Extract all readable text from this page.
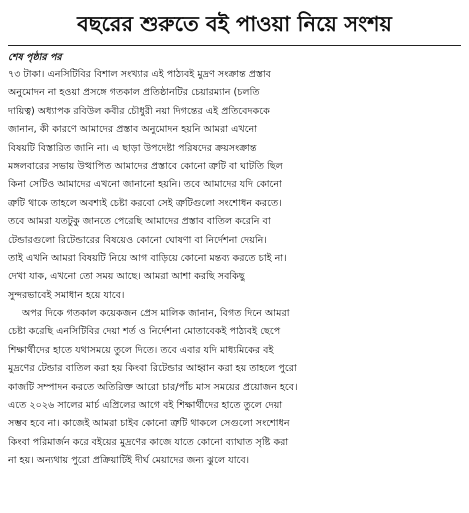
বছরের শুরুতে বই পাওয়া নিয়ে সংশয়
শেষ পৃষ্ঠার পর
৭৩ টাকা। এনসিটিবির বিশাল সংখ্যার এই পাঠ্যবই মুদ্রণ সংক্রান্ত প্রস্তাব
অনুমোদন না হওয়া প্রসঙ্গে গতকাল প্রতিষ্ঠানটির চেয়ারম্যান (চলতি
দায়িত্ব) অধ্যাপক রবিউল কবীর চৌধুরী নয়া দিগন্তের এই প্রতিবেদককে
জানান, কী কারণে আমাদের প্রস্তাব অনুমোদন হয়নি আমরা এখনো
বিষয়টি বিস্তারিত জানি না। এ ছাড়া উপদেষ্টা পরিষদের ক্রয়সংক্রান্ত
মঙ্গলবারের সভায় উত্থাপিত আমাদের প্রস্তাবে কোনো ত্রুটি বা ঘাটতি ছিল
কিনা সেটিও আমাদের এখনো জানানো হয়নি। তবে আমাদের যদি কোনো
ত্রুটি থাকে তাহলে অবশ্যই চেষ্টা করবো সেই ত্রুটিগুলো সংশোধন করতে।
তবে আমরা যতটুকু জানতে পেরেছি আমাদের প্রস্তাব বাতিল করেনি বা
টেন্ডারগুলো রিটেন্ডারের বিষয়েও কোনো ঘোষণা বা নির্দেশনা দেয়নি।
তাই এখনি আমরা বিষয়টি নিয়ে আগ বাড়িয়ে কোনো মন্তব্য করতে চাই না।
দেখা যাক, এখনো তো সময় আছে। আমরা আশা করছি সবকিছু
সুন্দরভাবেই সমাধান হয়ে যাবে।
অপর দিকে গতকাল কয়েকজন প্রেস মালিক জানান, বিগত দিনে আমরা
চেষ্টা করেছি এনসিটিবির দেয়া শর্ত ও নির্দেশনা মোতাবেকই পাঠ্যবই ছেপে
শিক্ষার্থীদের হাতে যথাসময়ে তুলে দিতে। তবে এবার যদি মাধ্যমিকের বই
মুদ্রণের টেন্ডার বাতিল করা হয় কিংবা রিটেন্ডার আহ্বান করা হয় তাহলে পুরো
কাজটি সম্পাদন করতে অতিরিক্ত আরো চার/পাঁচ মাস সময়ের প্রয়োজন হবে।
এতে ২০২৬ সালের মার্চ এপ্রিলের আগে বই শিক্ষার্থীদের হাতে তুলে দেয়া
সম্ভব হবে না। কাজেই আমরা চাইব কোনো ত্রুটি থাকলে সেগুলো সংশোধন
কিংবা পরিমার্জন করে বইয়ের মুদ্রণের কাজে যাতে কোনো ব্যাঘাত সৃষ্টি করা
না হয়। অন্যথায় পুরো প্রক্রিয়াটিই দীর্ঘ মেয়াদের জন্য ঝুলে যাবে।
